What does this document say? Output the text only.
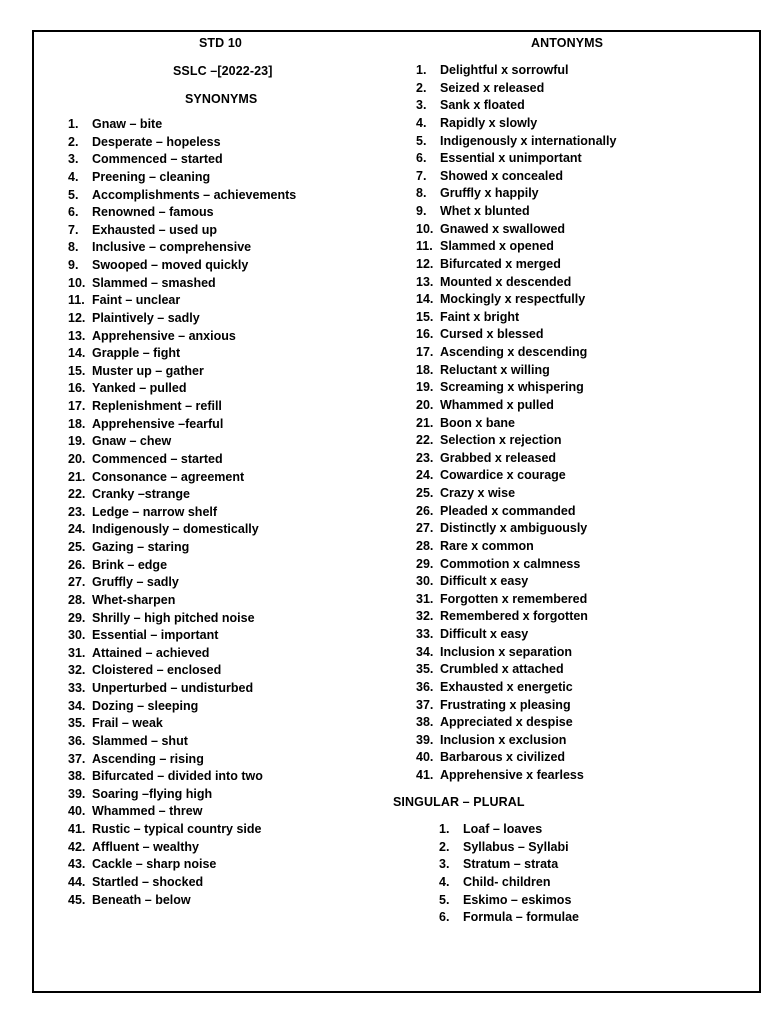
STD 10
SSLC –[2022-23]
SYNONYMS
1.	Gnaw – bite
2.	Desperate – hopeless
3.	Commenced – started
4.	Preening – cleaning
5.	Accomplishments – achievements
6.	Renowned – famous
7.	Exhausted – used up
8.	Inclusive – comprehensive
9.	Swooped – moved quickly
10. Slammed – smashed
11. Faint – unclear
12. Plaintively – sadly
13. Apprehensive – anxious
14. Grapple – fight
15. Muster up – gather
16. Yanked – pulled
17. Replenishment – refill
18. Apprehensive –fearful
19. Gnaw – chew
20. Commenced – started
21. Consonance – agreement
22. Cranky –strange
23. Ledge – narrow shelf
24. Indigenously – domestically
25. Gazing – staring
26. Brink – edge
27. Gruffly – sadly
28. Whet-sharpen
29. Shrilly – high pitched noise
30. Essential – important
31. Attained – achieved
32. Cloistered – enclosed
33. Unperturbed – undisturbed
34. Dozing – sleeping
35. Frail – weak
36. Slammed – shut
37. Ascending – rising
38. Bifurcated – divided into two
39. Soaring –flying high
40. Whammed – threw
41. Rustic – typical country side
42. Affluent – wealthy
43. Cackle – sharp noise
44. Startled – shocked
45. Beneath – below
ANTONYMS
1.	Delightful x sorrowful
2.	Seized x released
3.	Sank x floated
4.	Rapidly x slowly
5.	Indigenously x internationally
6.	Essential x unimportant
7.	Showed x concealed
8.	Gruffly x happily
9.	Whet x blunted
10. Gnawed x swallowed
11. Slammed x opened
12. Bifurcated x merged
13. Mounted x descended
14. Mockingly x respectfully
15. Faint x bright
16. Cursed x blessed
17. Ascending x descending
18. Reluctant x willing
19. Screaming x whispering
20. Whammed x pulled
21. Boon x bane
22. Selection x rejection
23. Grabbed x released
24. Cowardice x courage
25. Crazy x wise
26. Pleaded x commanded
27. Distinctly x ambiguously
28. Rare x common
29. Commotion x calmness
30. Difficult x easy
31. Forgotten x remembered
32. Remembered x forgotten
33. Difficult x easy
34. Inclusion x separation
35. Crumbled x attached
36. Exhausted x energetic
37. Frustrating x pleasing
38. Appreciated x despise
39. Inclusion x exclusion
40. Barbarous x civilized
41. Apprehensive x fearless
SINGULAR – PLURAL
1.	Loaf – loaves
2.	Syllabus – Syllabi
3.	Stratum – strata
4.	Child- children
5.	Eskimo – eskimos
6.	Formula – formulae
